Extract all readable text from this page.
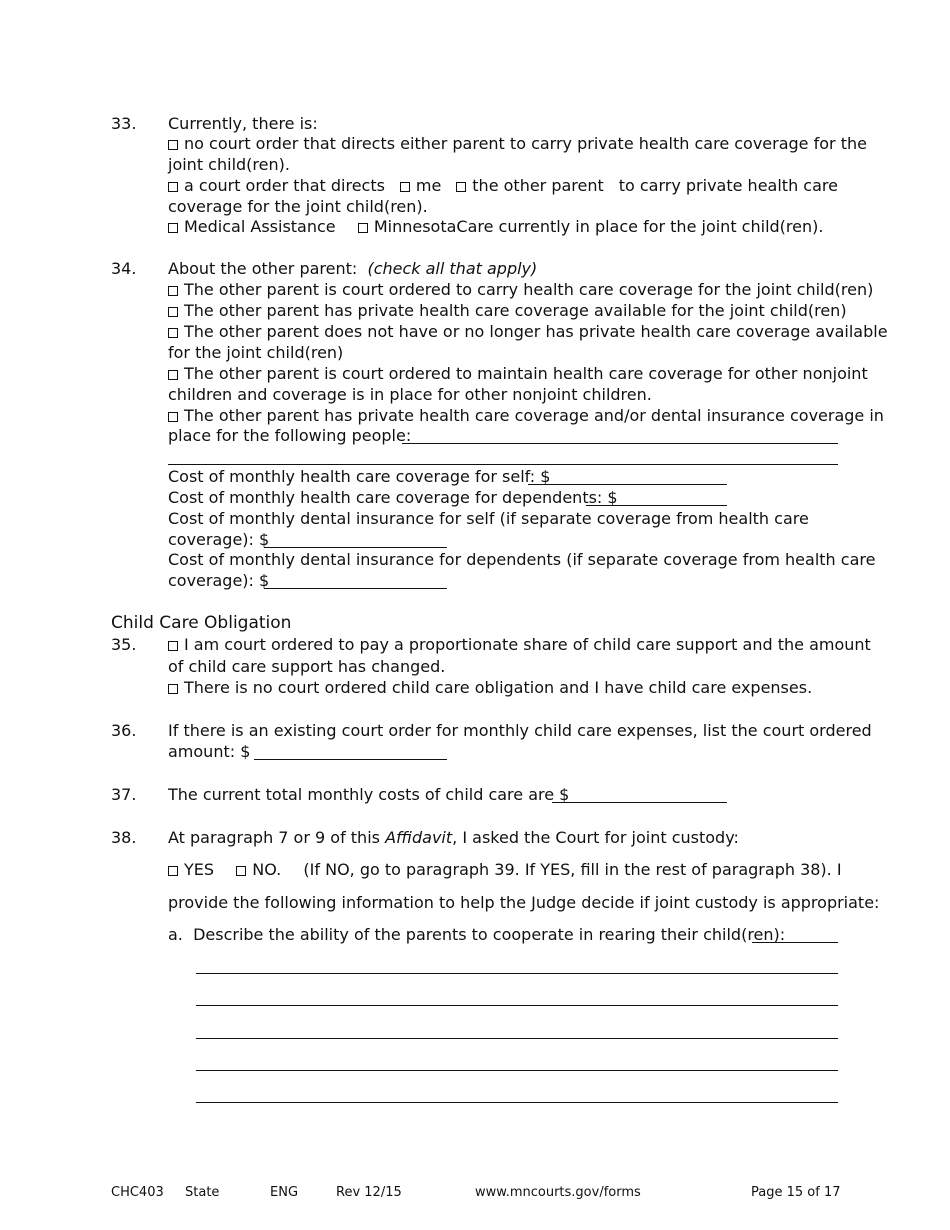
33. Currently, there is:
no court order that directs either parent to carry private health care coverage for the
joint child(ren).
a court order that directs	me	the other parent to carry private health care
coverage for the joint child(ren).
Medical Assistance MinnesotaCare currently in place for the joint child(ren).
34. About the other parent: (check all that apply)
The other parent is court ordered to carry health care coverage for the joint child(ren)
The other parent has private health care coverage available for the joint child(ren)
The other parent does not have or no longer has private health care coverage available
for the joint child(ren)
The other parent is court ordered to maintain health care coverage for other nonjoint
children and coverage is in place for other nonjoint children.
The other parent has private health care coverage and/or dental insurance coverage in
place for the following people:
Cost of monthly health care coverage for self: $
Cost of monthly health care coverage for dependents: $
Cost of monthly dental insurance for self (if separate coverage from health care
coverage): $
Cost of monthly dental insurance for dependents (if separate coverage from health care
coverage): $
Child Care Obligation
35.	I am court ordered to pay a proportionate share of child care support and the amount
of child care support has changed.
There is no court ordered child care obligation and I have child care expenses.
36. If there is an existing court order for monthly child care expenses, list the court ordered
amount: $
37. The current total monthly costs of child care are $
38. At paragraph 7 or 9 of this Affidavit, I asked the Court for joint custody:
YES NO. (If NO, go to paragraph 39. If YES, fill in the rest of paragraph 38). I
provide the following information to help the Judge decide if joint custody is appropriate:
a. Describe the ability of the parents to cooperate in rearing their child(ren):
CHC403 State	ENG	Rev 12/15	www.mncourts.gov/forms	Page 15 of 17
